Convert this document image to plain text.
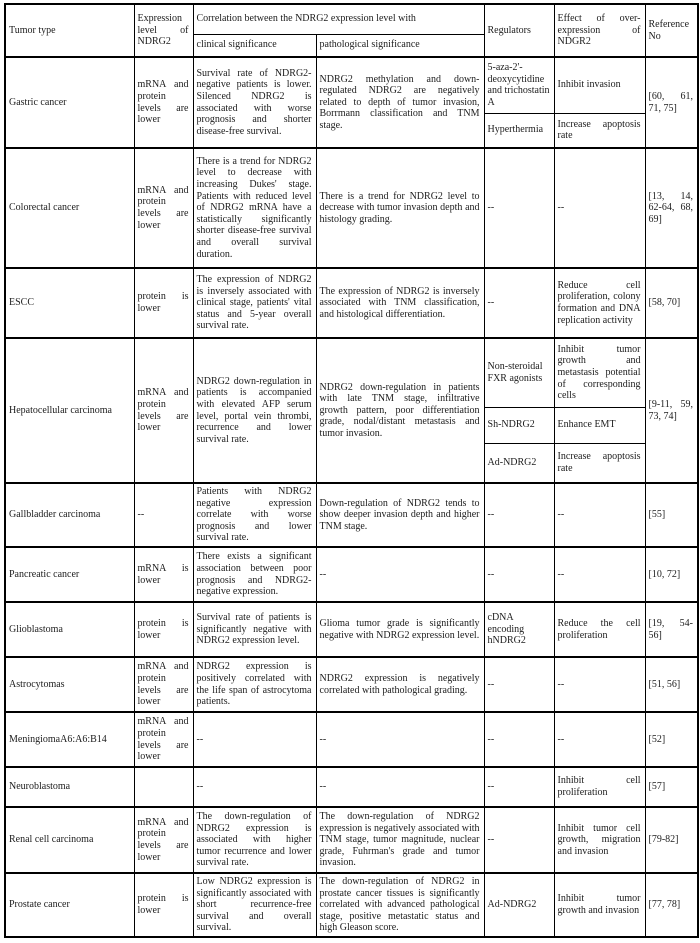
Tumor type	Expression level of NDRG2	Correlation between the NDRG2 expression level with		Regulators	Effect of over-expression of NDGR2	Reference No
		clinical significance	pathological significance			
Gastric cancer	mRNA and protein levels are lower	Survival rate of NDRG2-negative patients is lower. Silenced NDRG2 is associated with worse prognosis and shorter disease-free survival.	NDRG2 methylation and down-regulated NDRG2 are negatively related to depth of tumor invasion, Borrmann classification and TNM stage.	5-aza-2'-deoxycytidine and trichostatin A	Inhibit invasion	[60, 61, 71, 75]
				Hyperthermia	Increase apoptosis rate	
Colorectal cancer	mRNA and protein levels are lower	There is a trend for NDRG2 level to decrease with increasing Dukes' stage. Patients with reduced level of NDRG2 mRNA have a statistically significantly shorter disease-free survival and overall survival duration.	There is a trend for NDRG2 level to decrease with tumor invasion depth and histology grading.	--	--	[13, 14, 62-64, 68, 69]
ESCC	protein is lower	The expression of NDRG2 is inversely associated with clinical stage, patients' vital status and 5-year overall survival rate.	The expression of NDRG2 is inversely associated with TNM classification, and histological differentiation.	--	Reduce cell proliferation, colony formation and DNA replication activity	[58, 70]
Hepatocellular carcinoma	mRNA and protein levels are lower	NDRG2 down-regulation in patients is accompanied with elevated AFP serum level, portal vein thrombi, recurrence and lower survival rate.	NDRG2 down-regulation in patients with late TNM stage, infiltrative growth pattern, poor differentiation grade, nodal/distant metastasis and tumor invasion.	Non-steroidal FXR agonists	Inhibit tumor growth and metastasis potential of corresponding cells	[9-11, 59, 73, 74]
				Sh-NDRG2	Enhance EMT	
				Ad-NDRG2	Increase apoptosis rate	
Gallbladder carcinoma	--	Patients with NDRG2 negative expression correlate with worse prognosis and lower survival rate.	Down-regulation of NDRG2 tends to show deeper invasion depth and higher TNM stage.	--	--	[55]
Pancreatic cancer	mRNA is lower	There exists a significant association between poor prognosis and NDRG2-negative expression.	--	--	--	[10, 72]
Glioblastoma	protein is lower	Survival rate of patients is significantly negative with NDRG2 expression level.	Glioma tumor grade is significantly negative with NDRG2 expression level.	cDNA encoding hNDRG2	Reduce the cell proliferation	[19, 54-56]
Astrocytomas	mRNA and protein levels are lower	NDRG2 expression is positively correlated with the life span of astrocytoma patients.	NDRG2 expression is negatively correlated with pathological grading.	--	--	[51, 56]
MeningiomaA6:A6:B14	mRNA and protein levels are lower	--	--	--	--	[52]
Neuroblastoma		--	--	--	Inhibit cell proliferation	[57]
Renal cell carcinoma	mRNA and protein levels are lower	The down-regulation of NDRG2 expression is associated with higher tumor recurrence and lower survival rate.	The down-regulation of NDRG2 expression is negatively associated with TNM stage, tumor magnitude, nuclear grade, Fuhrman's grade and tumor invasion.	--	Inhibit tumor cell growth, migration and invasion	[79-82]
Prostate cancer	protein is lower	Low NDRG2 expression is significantly associated with short recurrence-free survival and overall survival.	The down-regulation of NDRG2 in prostate cancer tissues is significantly correlated with advanced pathological stage, positive metastatic status and high Gleason score.	Ad-NDRG2	Inhibit tumor growth and invasion	[77, 78]
